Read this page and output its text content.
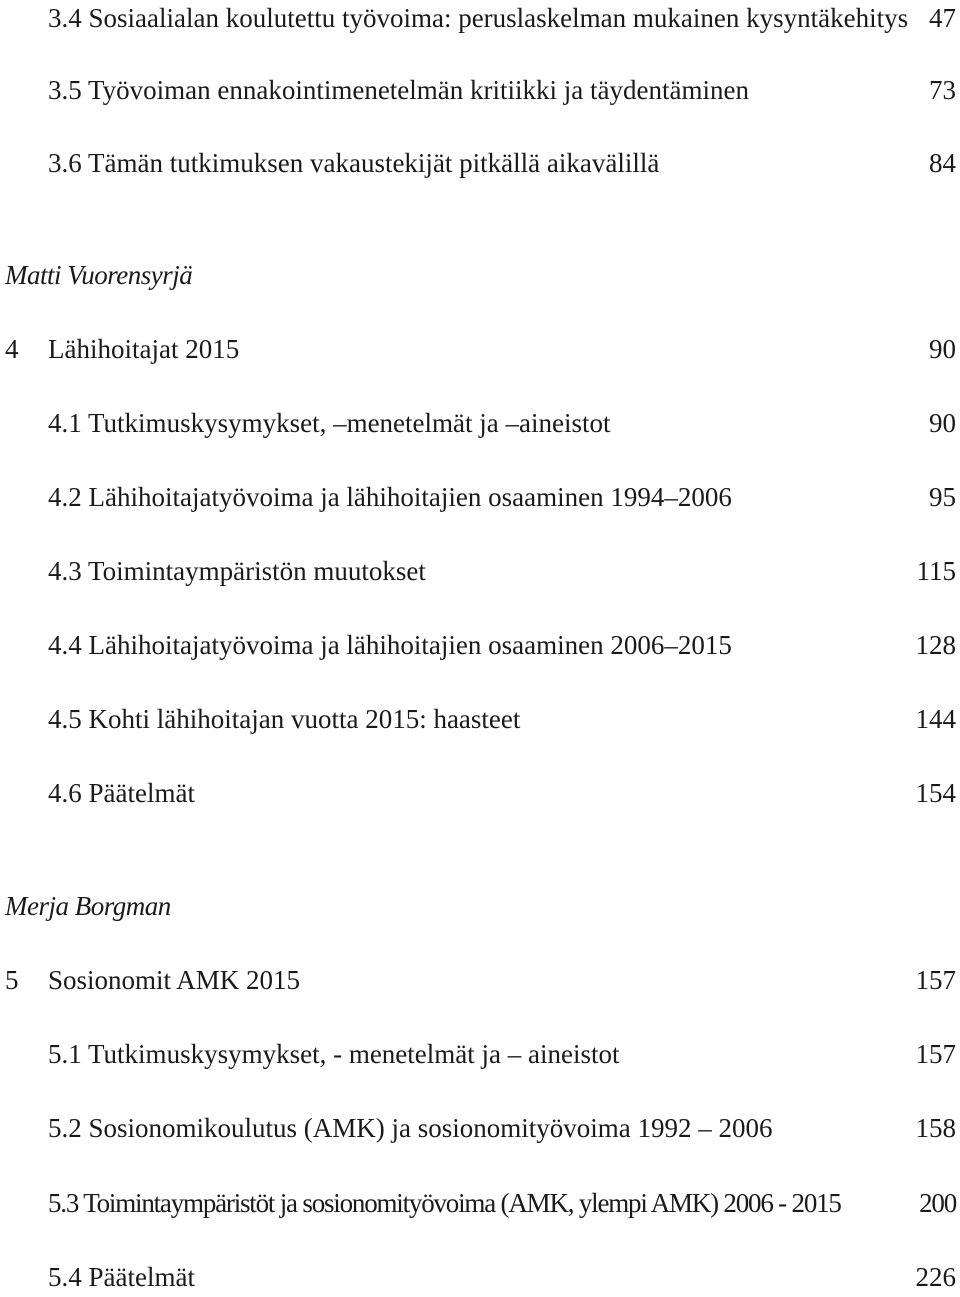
3.4 Sosiaalialan koulutettu työvoima: peruslaskelman mukainen kysyntäkehitys 47
3.5 Työvoiman ennakointimenetelmän kritiikki ja täydentäminen	73
3.6 Tämän tutkimuksen vakaustekijät pitkällä aikavälillä	84
Matti Vuorensyrjä
4 Lähihoitajat 2015	90
4.1 Tutkimuskysymykset, –menetelmät ja –aineistot	90
4.2 Lähihoitajatyövoima ja lähihoitajien osaaminen 1994–2006	95
4.3 Toimintaympäristön muutokset	115
4.4 Lähihoitajatyövoima ja lähihoitajien osaaminen 2006–2015	128
4.5 Kohti lähihoitajan vuotta 2015: haasteet	144
4.6 Päätelmät	154
Merja Borgman
5 Sosionomit AMK 2015	157
5.1 Tutkimuskysymykset, - menetelmät ja – aineistot	157
5.2 Sosionomikoulutus (AMK) ja sosionomityövoima 1992 – 2006	158
5.3 Toimintaympäristöt ja sosionomityövoima (AMK, ylempi AMK) 2006 - 2015	200
5.4 Päätelmät	226
